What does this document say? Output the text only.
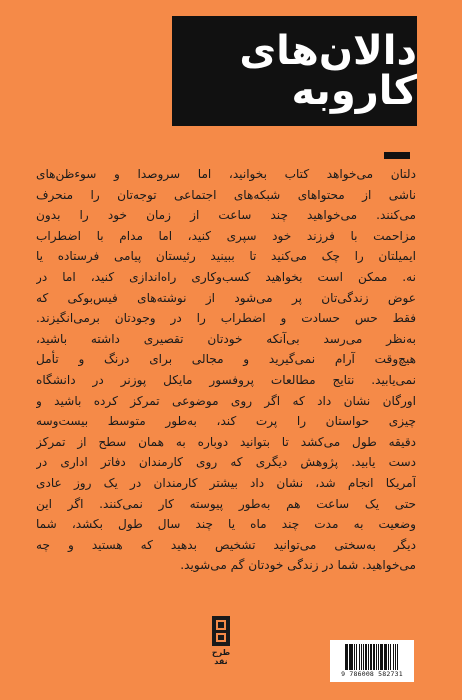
دالان‌های کاروبه

دلتان می‌خواهد کتاب بخوانید، اما سروصدا و سوءظن‌های
ناشی از محتواهای شبکه‌های اجتماعی توجه‌تان را منحرف
می‌کنند. می‌خواهید چند ساعت از زمان خود را بدون
مزاحمت با فرزند خود سپری کنید، اما مدام با اضطراب
ایمیلتان را چک می‌کنید تا ببینید رئیستان پیامی فرستاده یا
نه. ممکن است بخواهید کسب‌وکاری راه‌اندازی کنید، اما در
عوض زندگی‌تان پر می‌شود از نوشته‌های فیس‌بوکی که
فقط حس حسادت و اضطراب را در وجودتان برمی‌انگیزند.
به‌نظر می‌رسد بی‌آنکه خودتان تقصیری داشته باشید،
هیچ‌وقت آرام نمی‌گیرید و مجالی برای درنگ و تأمل
نمی‌یابید. نتایج مطالعات پروفسور مایکل پوزنر در دانشگاه
اورگان نشان داد که اگر روی موضوعی تمرکز کرده باشید و
چیزی حواستان را پرت کند، به‌طور متوسط بیست‌وسه
دقیقه طول می‌کشد تا بتوانید دوباره به همان سطح از تمرکز
دست یابید. پژوهش دیگری که روی کارمندان دفاتر اداری در
آمریکا انجام شد، نشان داد بیشتر کارمندان در یک روز عادی
حتی یک ساعت هم به‌طور پیوسته کار نمی‌کنند. اگر این
وضعیت به مدت چند ماه یا چند سال طول بکشد، شما
دیگر به‌سختی می‌توانید تشخیص بدهید که هستید و چه
می‌خواهید. شما در زندگی خودتان گم می‌شوید.

طرح نقد
9 786008 582731
